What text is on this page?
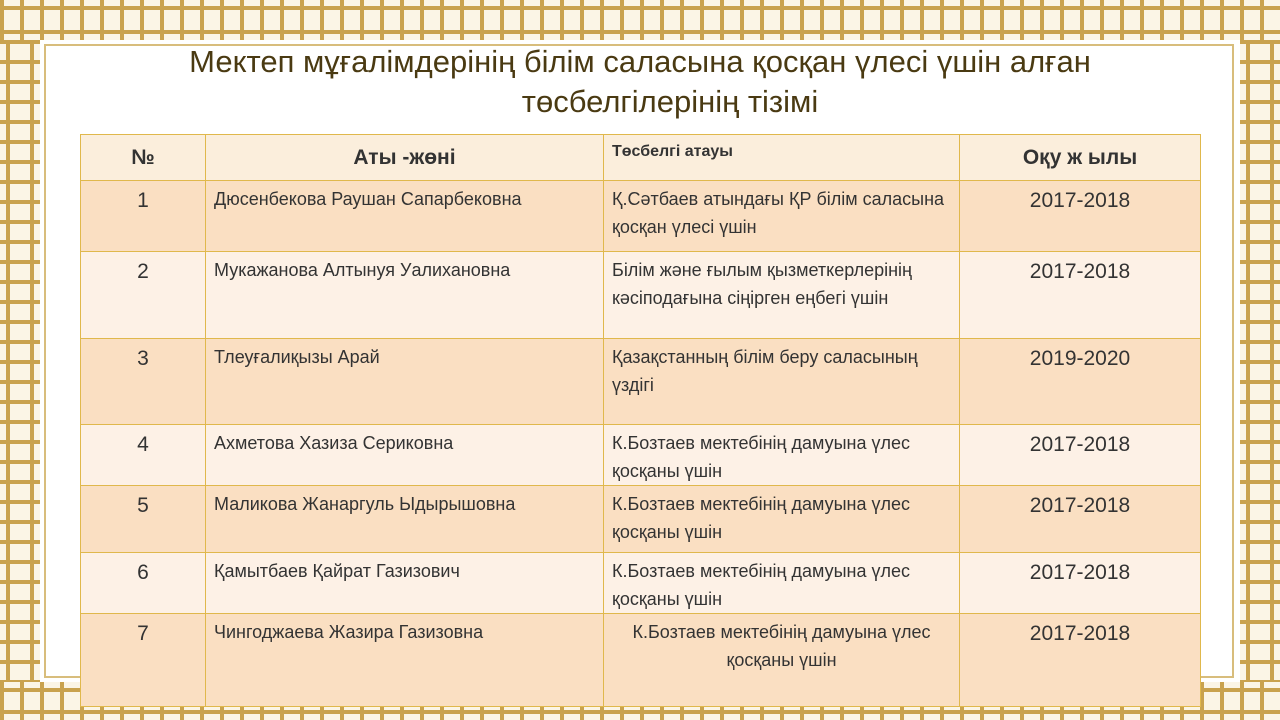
Мектеп мұғалімдерінің білім саласына қосқан үлесі үшін алған
төсбелгілерінің тізімі
№	Аты -жөні	Төсбелгі атауы	Оқу ж ылы
1	Дюсенбекова Раушан Сапарбековна	Қ.Сәтбаев атындағы ҚР білім саласына қосқан үлесі үшін	2017-2018
2	Мукажанова Алтынуя Уалихановна	Білім және ғылым қызметкерлерінің кәсіподағына сіңірген еңбегі үшін	2017-2018
3	Тлеуғалиқызы Арай	Қазақстанның білім беру саласының үздігі	2019-2020
4	Ахметова Хазиза Сериковна	К.Бозтаев мектебінің дамуына үлес қосқаны үшін	2017-2018
5	Маликова Жанаргуль Ыдырышовна	К.Бозтаев мектебінің дамуына үлес қосқаны үшін	2017-2018
6	Қамытбаев Қайрат Газизович	К.Бозтаев мектебінің дамуына үлес қосқаны үшін	2017-2018
7	Чингоджаева Жазира Газизовна	К.Бозтаев мектебінің дамуына үлес қосқаны үшін	2017-2018
